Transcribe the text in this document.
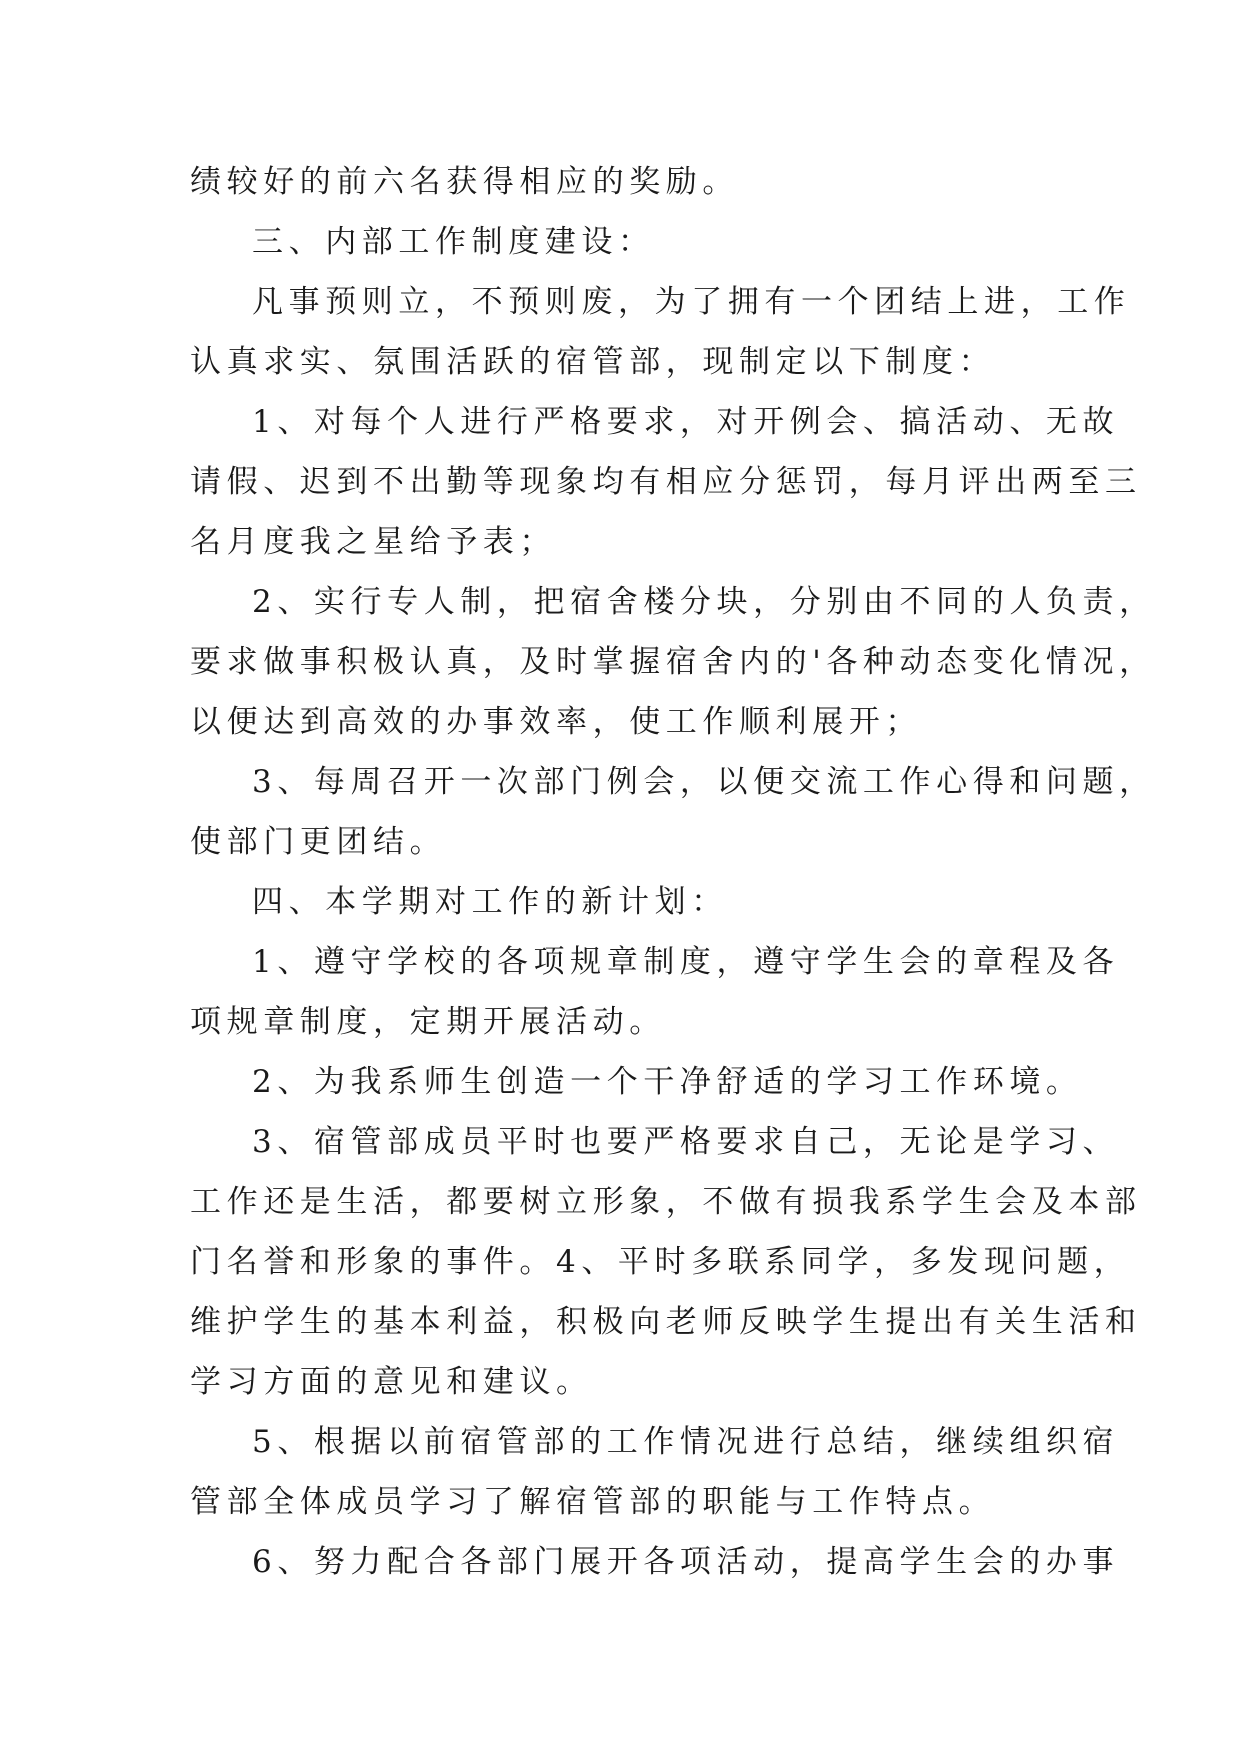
绩较好的前六名获得相应的奖励。
三、内部工作制度建设：
凡事预则立，不预则废，为了拥有一个团结上进，工作
认真求实、氛围活跃的宿管部，现制定以下制度：
1、对每个人进行严格要求，对开例会、搞活动、无故
请假、迟到不出勤等现象均有相应分惩罚，每月评出两至三
名月度我之星给予表；
2、实行专人制，把宿舍楼分块，分别由不同的人负责，
要求做事积极认真，及时掌握宿舍内的'各种动态变化情况，
以便达到高效的办事效率，使工作顺利展开；
3、每周召开一次部门例会，以便交流工作心得和问题，
使部门更团结。
四、本学期对工作的新计划：
1、遵守学校的各项规章制度，遵守学生会的章程及各
项规章制度，定期开展活动。
2、为我系师生创造一个干净舒适的学习工作环境。
3、宿管部成员平时也要严格要求自己，无论是学习、
工作还是生活，都要树立形象，不做有损我系学生会及本部
门名誉和形象的事件。4、平时多联系同学，多发现问题，
维护学生的基本利益，积极向老师反映学生提出有关生活和
学习方面的意见和建议。
5、根据以前宿管部的工作情况进行总结，继续组织宿
管部全体成员学习了解宿管部的职能与工作特点。
6、努力配合各部门展开各项活动，提高学生会的办事
